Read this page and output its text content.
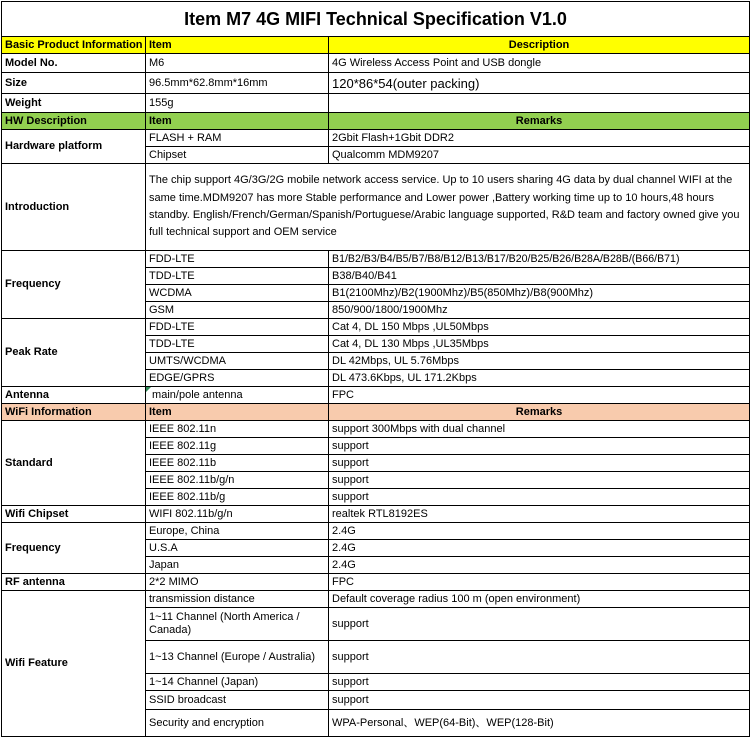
Item M7 4G MIFI Technical Specification V1.0		
Basic Product Information	Item	Description
Model No.	M6	4G Wireless Access Point and USB dongle
Size	96.5mm*62.8mm*16mm	120*86*54(outer packing)
Weight	155g	
HW Description	Item	Remarks
Hardware platform	FLASH + RAM	2Gbit Flash+1Gbit DDR2
	Chipset	Qualcomm MDM9207
Introduction	The chip support 4G/3G/2G mobile network access service. Up to 10 users sharing 4G data by dual channel WIFI at the same time.MDM9207 has more Stable performance and Lower power ,Battery working time up to 10 hours,48 hours standby. English/French/German/Spanish/Portuguese/Arabic language supported, R&D team and factory owned give you full technical support and OEM service	
Frequency	FDD-LTE	B1/B2/B3/B4/B5/B7/B8/B12/B13/B17/B20/B25/B26/B28A/B28B/(B66/B71)
	TDD-LTE	B38/B40/B41
	WCDMA	B1(2100Mhz)/B2(1900Mhz)/B5(850Mhz)/B8(900Mhz)
	GSM	850/900/1800/1900Mhz
Peak Rate	FDD-LTE	Cat 4, DL 150 Mbps ,UL50Mbps
	TDD-LTE	Cat 4, DL 130 Mbps ,UL35Mbps
	UMTS/WCDMA	DL 42Mbps, UL 5.76Mbps
	EDGE/GPRS	DL 473.6Kbps, UL 171.2Kbps
Antenna	main/pole antenna	FPC
WiFi Information	Item	Remarks
Standard	IEEE 802.11n	support 300Mbps with dual channel
	IEEE 802.11g	support
	IEEE 802.11b	support
	IEEE 802.11b/g/n	support
	IEEE 802.11b/g	support
Wifi Chipset	WIFI 802.11b/g/n	realtek RTL8192ES
Frequency	Europe, China	2.4G
	U.S.A	2.4G
	Japan	2.4G
RF antenna	2*2 MIMO	FPC
Wifi Feature	transmission distance	Default coverage radius 100 m (open environment)
	1~11 Channel (North America / Canada)	support
	1~13 Channel (Europe / Australia)	support
	1~14 Channel (Japan)	support
	SSID broadcast	support
	Security and encryption	WPA-Personal、WEP(64-Bit)、WEP(128-Bit)
